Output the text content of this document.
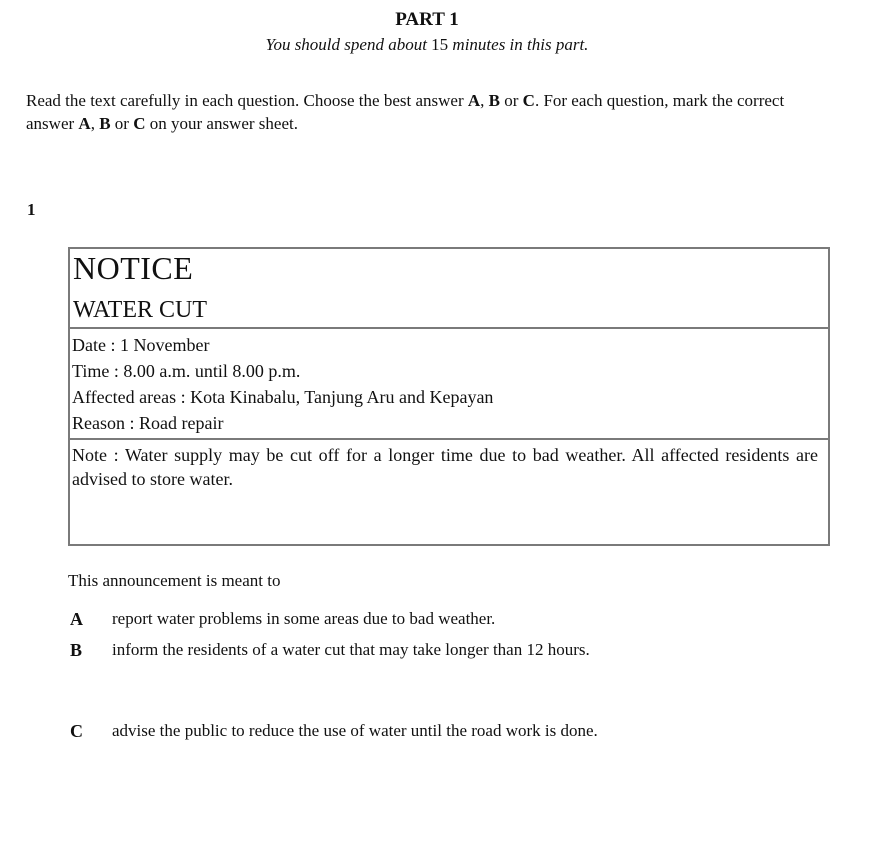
PART 1
You should spend about 15 minutes in this part.
Read the text carefully in each question. Choose the best answer A, B or C. For each question, mark the correct answer A, B or C on your answer sheet.
1
NOTICE
WATER CUT
Date : 1 November
Time : 8.00 a.m. until 8.00 p.m.
Affected areas : Kota Kinabalu, Tanjung Aru and Kepayan
Reason : Road repair
Note : Water supply may be cut off for a longer time due to bad weather. All affected residents are advised to store water.
This announcement is meant to
A	report water problems in some areas due to bad weather.
B	inform the residents of a water cut that may take longer than 12 hours.
C	advise the public to reduce the use of water until the road work is done.
